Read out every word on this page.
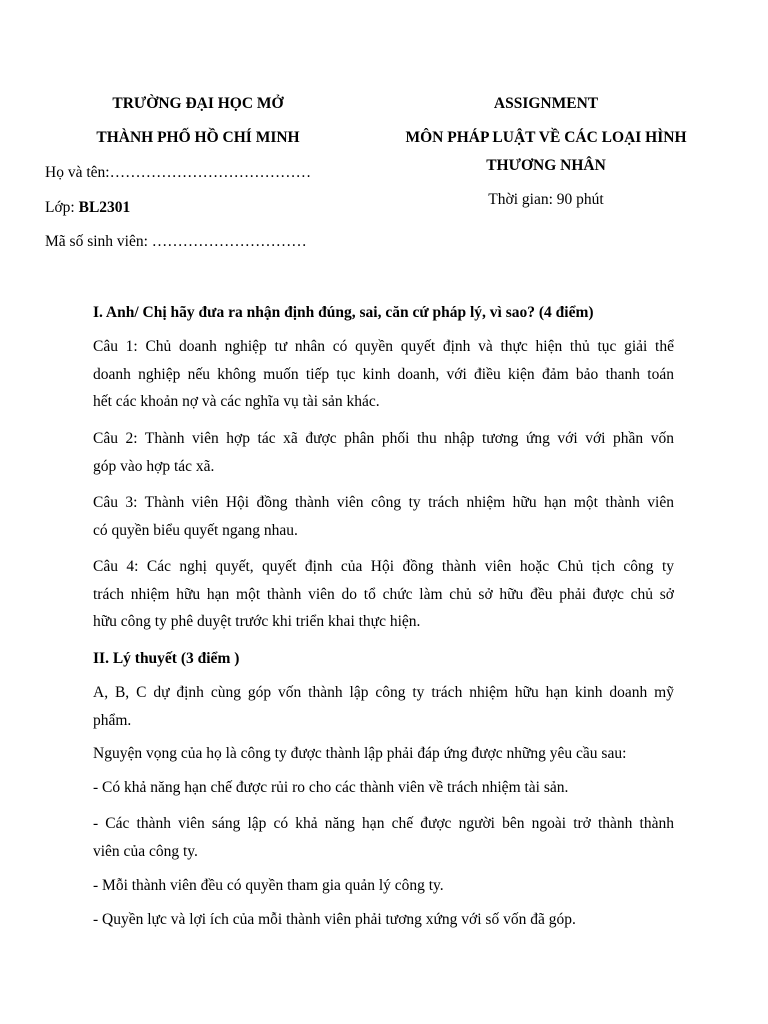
TRƯỜNG ĐẠI HỌC MỞ
THÀNH PHỐ HỒ CHÍ MINH
Họ và tên:…………………………………
Lớp: BL2301
Mã số sinh viên: …………………………
ASSIGNMENT
MÔN PHÁP LUẬT VỀ CÁC LOẠI HÌNH
THƯƠNG NHÂN
Thời gian: 90 phút
I. Anh/ Chị hãy đưa ra nhận định đúng, sai, căn cứ pháp lý, vì sao? (4 điểm)
Câu 1: Chủ doanh nghiệp tư nhân có quyền quyết định và thực hiện thủ tục giải thể
doanh nghiệp nếu không muốn tiếp tục kinh doanh, với điều kiện đảm bảo thanh toán
hết các khoản nợ và các nghĩa vụ tài sản khác.
Câu 2: Thành viên hợp tác xã được phân phối thu nhập tương ứng với với phần vốn
góp vào hợp tác xã.
Câu 3: Thành viên Hội đồng thành viên công ty trách nhiệm hữu hạn một thành viên
có quyền biểu quyết ngang nhau.
Câu 4: Các nghị quyết, quyết định của Hội đồng thành viên hoặc Chủ tịch công ty
trách nhiệm hữu hạn một thành viên do tổ chức làm chủ sở hữu đều phải được chủ sở
hữu công ty phê duyệt trước khi triển khai thực hiện.
II. Lý thuyết (3 điểm )
A, B, C dự định cùng góp vốn thành lập công ty trách nhiệm hữu hạn kinh doanh mỹ
phẩm.
Nguyện vọng của họ là công ty được thành lập phải đáp ứng được những yêu cầu sau:
- Có khả năng hạn chế được rủi ro cho các thành viên về trách nhiệm tài sản.
- Các thành viên sáng lập có khả năng hạn chế được người bên ngoài trở thành thành
viên của công ty.
- Mỗi thành viên đều có quyền tham gia quản lý công ty.
- Quyền lực và lợi ích của mỗi thành viên phải tương xứng với số vốn đã góp.
